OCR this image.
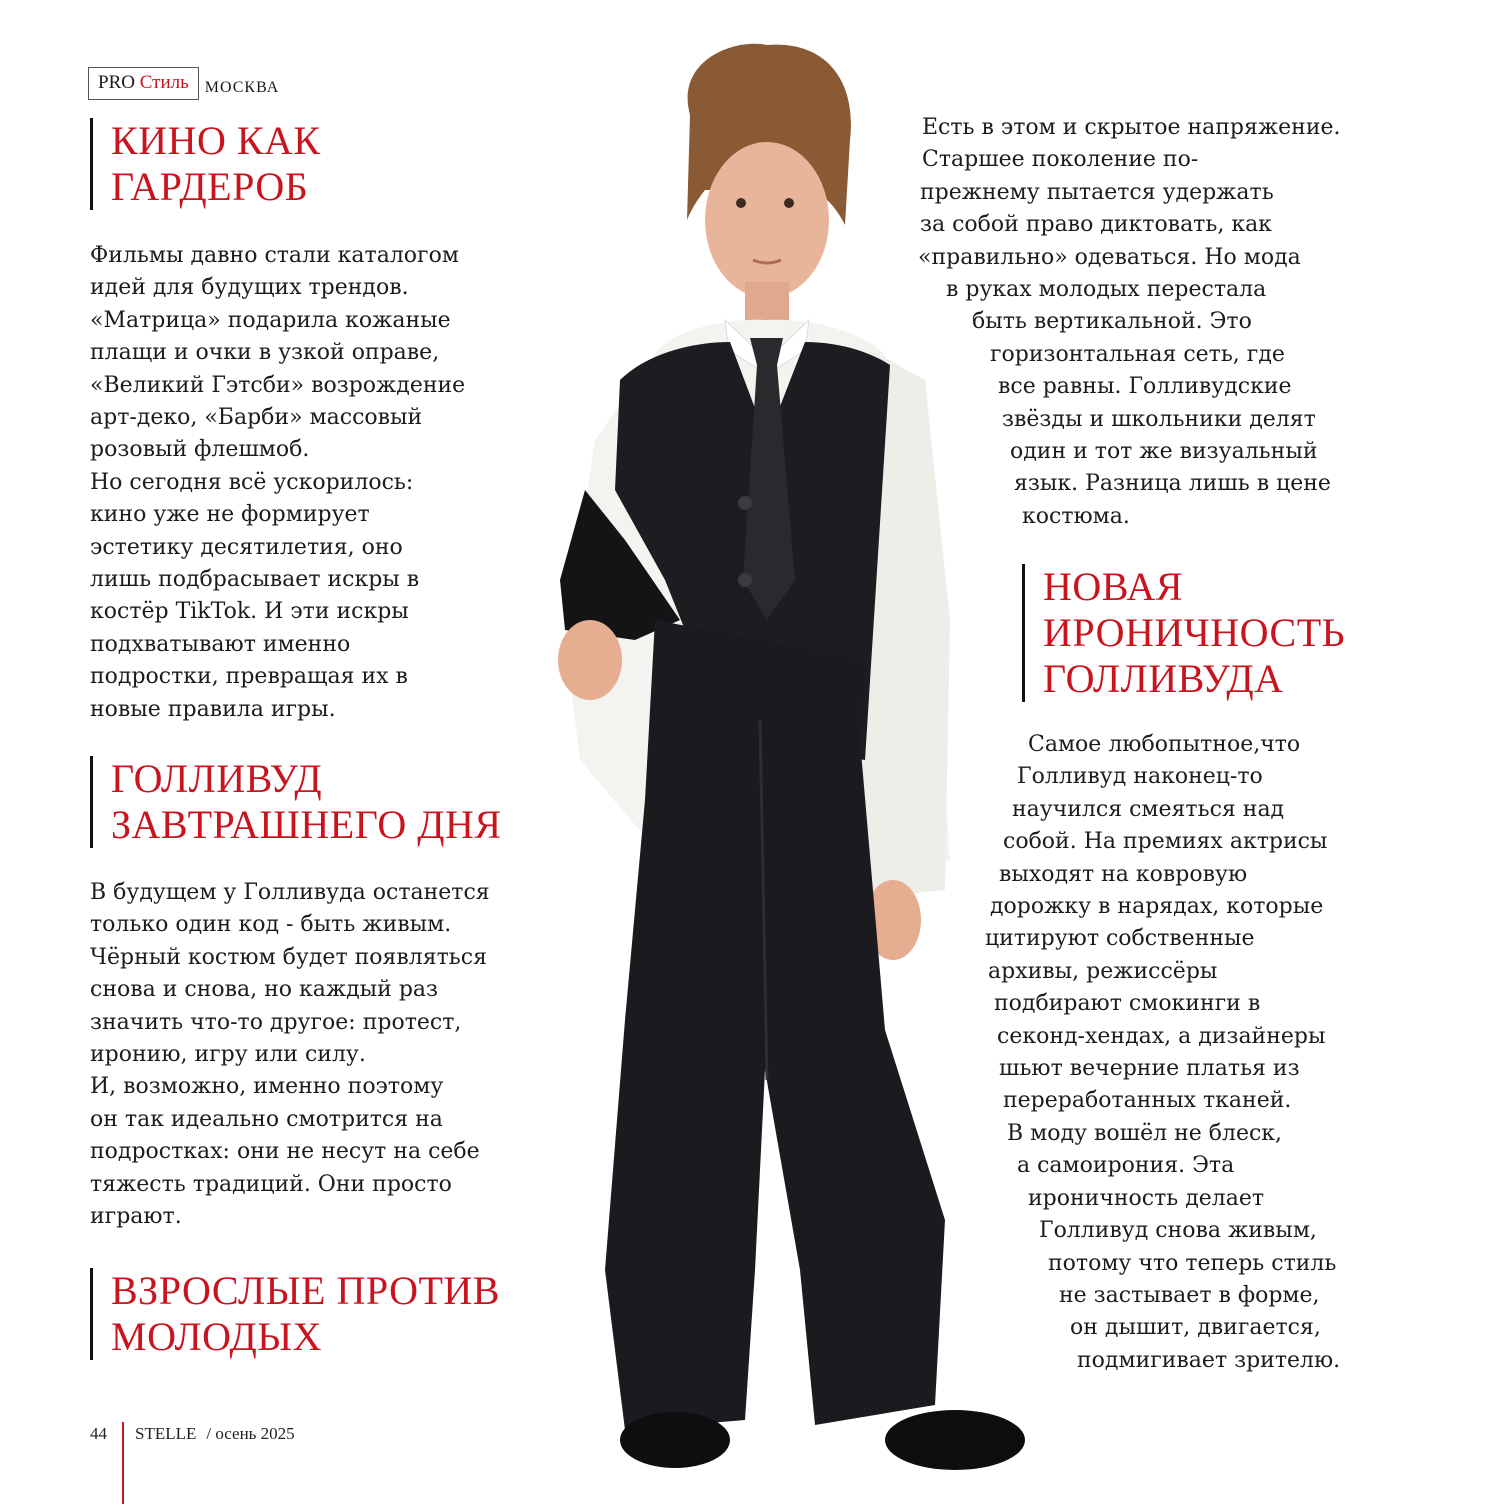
PRO Стиль	МОСКВА
КИНО КАК
ГАРДЕРОБ
Фильмы давно стали каталогом
идей для будущих трендов.
«Матрица» подарила кожаные
плащи и очки в узкой оправе,
«Великий Гэтсби» возрождение
арт-деко, «Барби» массовый
розовый флешмоб.
Но сегодня всё ускорилось:
кино уже не формирует
эстетику десятилетия, оно
лишь подбрасывает искры в
костёр TikTok. И эти искры
подхватывают именно
подростки, превращая их в
новые правила игры.
ГОЛЛИВУД
ЗАВТРАШНЕГО ДНЯ
В будущем у Голливуда останется
только один код - быть живым.
Чёрный костюм будет появляться
снова и снова, но каждый раз
значить что-то другое: протест,
иронию, игру или силу.
И, возможно, именно поэтому
он так идеально смотрится на
подростках: они не несут на себе
тяжесть традиций. Они просто
играют.
ВЗРОСЛЫЕ ПРОТИВ
МОЛОДЫХ
Есть в этом и скрытое напряжение.
Старшее поколение по-
прежнему пытается удержать
за собой право диктовать, как
«правильно» одеваться. Но мода
в руках молодых перестала
быть вертикальной. Это
горизонтальная сеть, где
все равны. Голливудские
звёзды и школьники делят
один и тот же визуальный
язык. Разница лишь в цене
костюма.
НОВАЯ
ИРОНИЧНОСТЬ
ГОЛЛИВУДА
Самое любопытное,что
Голливуд наконец-то
научился смеяться над
собой. На премиях актрисы
выходят на ковровую
дорожку в нарядах, которые
цитируют собственные
архивы, режиссёры
подбирают смокинги в
секонд-хендах, а дизайнеры
шьют вечерние платья из
переработанных тканей.
В моду вошёл не блеск,
а самоирония. Эта
ироничность делает
Голливуд снова живым,
потому что теперь стиль
не застывает в форме,
он дышит, двигается,
подмигивает зрителю.
44 STELLE / осень 2025
